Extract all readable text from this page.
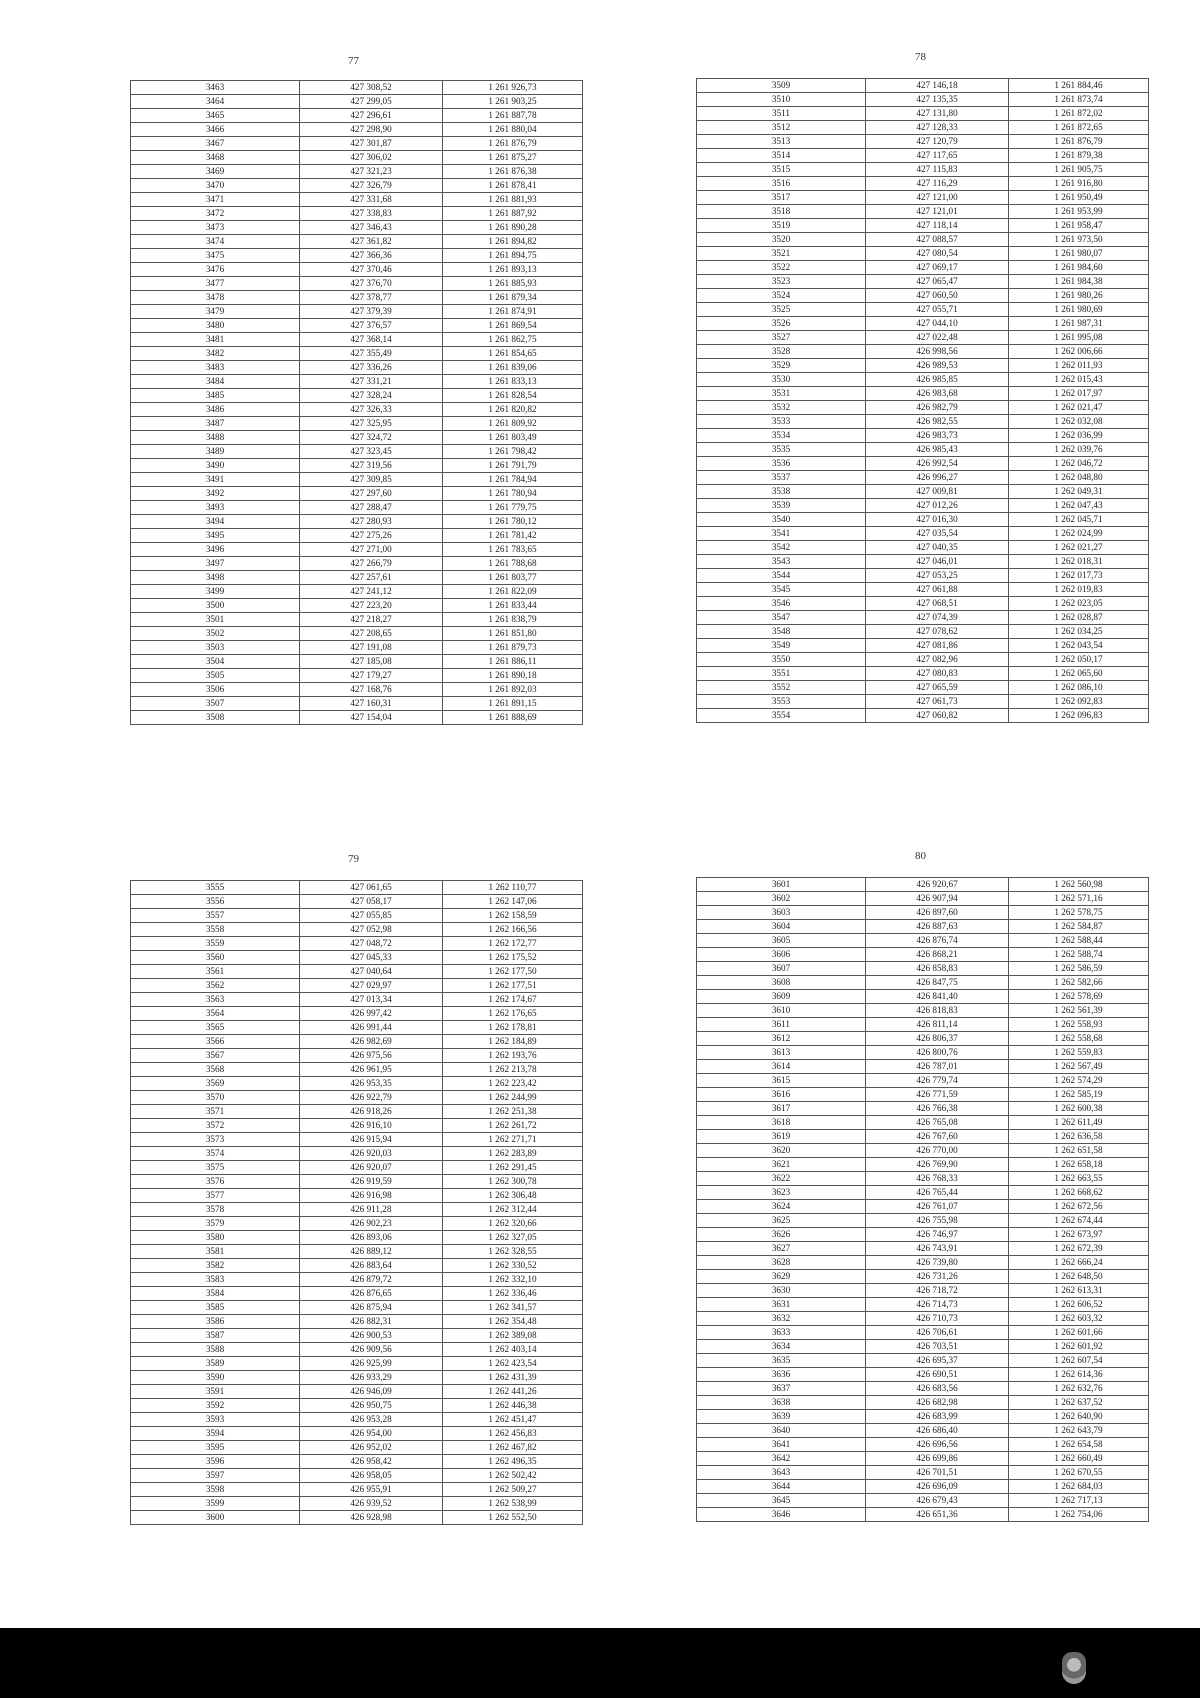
77	78
79	80
3463	427 308,52	1 261 926,73
3464	427 299,05	1 261 903,25
3465	427 296,61	1 261 887,78
3466	427 298,90	1 261 880,04
3467	427 301,87	1 261 876,79
3468	427 306,02	1 261 875,27
3469	427 321,23	1 261 876,38
3470	427 326,79	1 261 878,41
3471	427 331,68	1 261 881,93
3472	427 338,83	1 261 887,92
3473	427 346,43	1 261 890,28
3474	427 361,82	1 261 894,82
3475	427 366,36	1 261 894,75
3476	427 370,46	1 261 893,13
3477	427 376,70	1 261 885,93
3478	427 378,77	1 261 879,34
3479	427 379,39	1 261 874,91
3480	427 376,57	1 261 869,54
3481	427 368,14	1 261 862,75
3482	427 355,49	1 261 854,65
3483	427 336,26	1 261 839,06
3484	427 331,21	1 261 833,13
3485	427 328,24	1 261 828,54
3486	427 326,33	1 261 820,82
3487	427 325,95	1 261 809,92
3488	427 324,72	1 261 803,49
3489	427 323,45	1 261 798,42
3490	427 319,56	1 261 791,79
3491	427 309,85	1 261 784,94
3492	427 297,60	1 261 780,94
3493	427 288,47	1 261 779,75
3494	427 280,93	1 261 780,12
3495	427 275,26	1 261 781,42
3496	427 271,00	1 261 783,65
3497	427 266,79	1 261 788,68
3498	427 257,61	1 261 803,77
3499	427 241,12	1 261 822,09
3500	427 223,20	1 261 833,44
3501	427 218,27	1 261 838,79
3502	427 208,65	1 261 851,80
3503	427 191,08	1 261 879,73
3504	427 185,08	1 261 886,11
3505	427 179,27	1 261 890,18
3506	427 168,76	1 261 892,03
3507	427 160,31	1 261 891,15
3508	427 154,04	1 261 888,69
3509	427 146,18	1 261 884,46
3510	427 135,35	1 261 873,74
3511	427 131,80	1 261 872,02
3512	427 128,33	1 261 872,65
3513	427 120,79	1 261 876,79
3514	427 117,65	1 261 879,38
3515	427 115,83	1 261 905,75
3516	427 116,29	1 261 916,80
3517	427 121,00	1 261 950,49
3518	427 121,01	1 261 953,99
3519	427 118,14	1 261 958,47
3520	427 088,57	1 261 973,50
3521	427 080,54	1 261 980,07
3522	427 069,17	1 261 984,60
3523	427 065,47	1 261 984,38
3524	427 060,50	1 261 980,26
3525	427 055,71	1 261 980,69
3526	427 044,10	1 261 987,31
3527	427 022,48	1 261 995,08
3528	426 998,56	1 262 006,66
3529	426 989,53	1 262 011,93
3530	426 985,85	1 262 015,43
3531	426 983,68	1 262 017,97
3532	426 982,79	1 262 021,47
3533	426 982,55	1 262 032,08
3534	426 983,73	1 262 036,99
3535	426 985,43	1 262 039,76
3536	426 992,54	1 262 046,72
3537	426 996,27	1 262 048,80
3538	427 009,81	1 262 049,31
3539	427 012,26	1 262 047,43
3540	427 016,30	1 262 045,71
3541	427 035,54	1 262 024,99
3542	427 040,35	1 262 021,27
3543	427 046,01	1 262 018,31
3544	427 053,25	1 262 017,73
3545	427 061,88	1 262 019,83
3546	427 068,51	1 262 023,05
3547	427 074,39	1 262 028,87
3548	427 078,62	1 262 034,25
3549	427 081,86	1 262 043,54
3550	427 082,96	1 262 050,17
3551	427 080,83	1 262 065,60
3552	427 065,59	1 262 086,10
3553	427 061,73	1 262 092,83
3554	427 060,82	1 262 096,83
3555	427 061,65	1 262 110,77
3556	427 058,17	1 262 147,06
3557	427 055,85	1 262 158,59
3558	427 052,98	1 262 166,56
3559	427 048,72	1 262 172,77
3560	427 045,33	1 262 175,52
3561	427 040,64	1 262 177,50
3562	427 029,97	1 262 177,51
3563	427 013,34	1 262 174,67
3564	426 997,42	1 262 176,65
3565	426 991,44	1 262 178,81
3566	426 982,69	1 262 184,89
3567	426 975,56	1 262 193,76
3568	426 961,95	1 262 213,78
3569	426 953,35	1 262 223,42
3570	426 922,79	1 262 244,99
3571	426 918,26	1 262 251,38
3572	426 916,10	1 262 261,72
3573	426 915,94	1 262 271,71
3574	426 920,03	1 262 283,89
3575	426 920,07	1 262 291,45
3576	426 919,59	1 262 300,78
3577	426 916,98	1 262 306,48
3578	426 911,28	1 262 312,44
3579	426 902,23	1 262 320,66
3580	426 893,06	1 262 327,05
3581	426 889,12	1 262 328,55
3582	426 883,64	1 262 330,52
3583	426 879,72	1 262 332,10
3584	426 876,65	1 262 336,46
3585	426 875,94	1 262 341,57
3586	426 882,31	1 262 354,48
3587	426 900,53	1 262 389,08
3588	426 909,56	1 262 403,14
3589	426 925,99	1 262 423,54
3590	426 933,29	1 262 431,39
3591	426 946,09	1 262 441,26
3592	426 950,75	1 262 446,38
3593	426 953,28	1 262 451,47
3594	426 954,00	1 262 456,83
3595	426 952,02	1 262 467,82
3596	426 958,42	1 262 496,35
3597	426 958,05	1 262 502,42
3598	426 955,91	1 262 509,27
3599	426 939,52	1 262 538,99
3600	426 928,98	1 262 552,50
3601	426 920,67	1 262 560,98
3602	426 907,94	1 262 571,16
3603	426 897,60	1 262 578,75
3604	426 887,63	1 262 584,87
3605	426 876,74	1 262 588,44
3606	426 868,21	1 262 588,74
3607	426 858,83	1 262 586,59
3608	426 847,75	1 262 582,66
3609	426 841,40	1 262 578,69
3610	426 818,83	1 262 561,39
3611	426 811,14	1 262 558,93
3612	426 806,37	1 262 558,68
3613	426 800,76	1 262 559,83
3614	426 787,01	1 262 567,49
3615	426 779,74	1 262 574,29
3616	426 771,59	1 262 585,19
3617	426 766,38	1 262 600,38
3618	426 765,08	1 262 611,49
3619	426 767,60	1 262 636,58
3620	426 770,00	1 262 651,58
3621	426 769,90	1 262 658,18
3622	426 768,33	1 262 663,55
3623	426 765,44	1 262 668,62
3624	426 761,07	1 262 672,56
3625	426 755,98	1 262 674,44
3626	426 746,97	1 262 673,97
3627	426 743,91	1 262 672,39
3628	426 739,80	1 262 666,24
3629	426 731,26	1 262 648,50
3630	426 718,72	1 262 613,31
3631	426 714,73	1 262 606,52
3632	426 710,73	1 262 603,32
3633	426 706,61	1 262 601,66
3634	426 703,51	1 262 601,92
3635	426 695,37	1 262 607,54
3636	426 690,51	1 262 614,36
3637	426 683,56	1 262 632,76
3638	426 682,98	1 262 637,52
3639	426 683,99	1 262 640,90
3640	426 686,40	1 262 643,79
3641	426 696,56	1 262 654,58
3642	426 699,86	1 262 660,49
3643	426 701,51	1 262 670,55
3644	426 696,09	1 262 684,03
3645	426 679,43	1 262 717,13
3646	426 651,36	1 262 754,06
